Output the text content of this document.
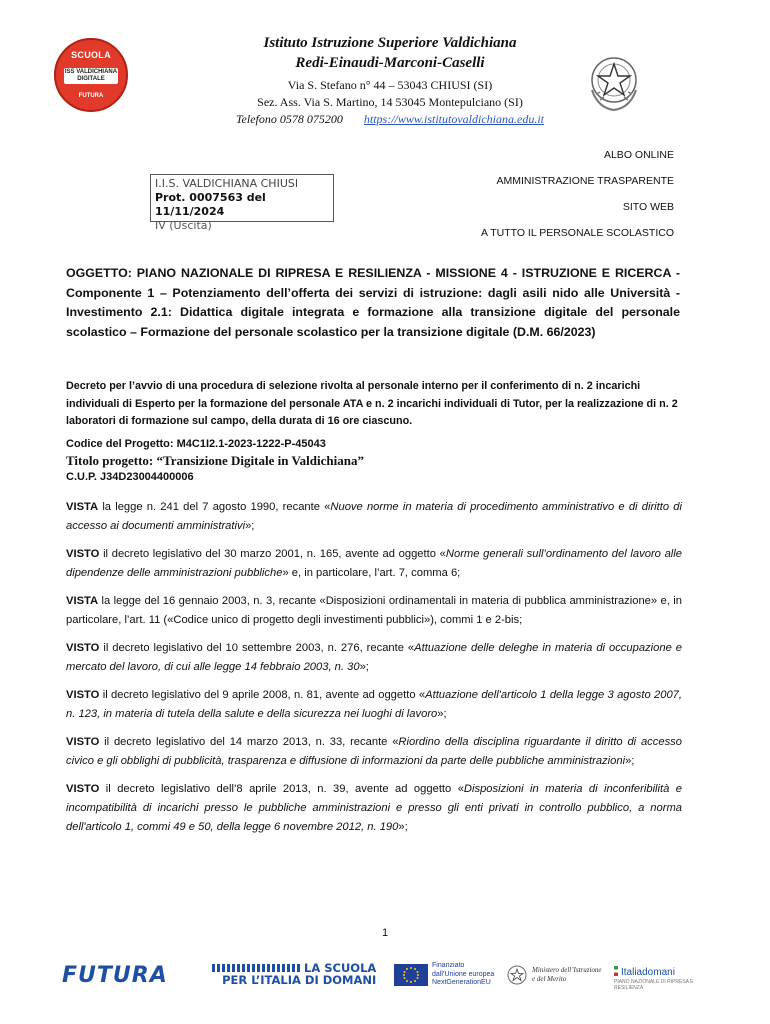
SCUOLA
ISS VALDICHIANA
DIGITALE
FUTURA
Istituto Istruzione Superiore Valdichiana
Redi-Einaudi-Marconi-Caselli
Via S. Stefano n° 44 – 53043 CHIUSI (SI)
Sez. Ass. Via S. Martino, 14 53045 Montepulciano (SI)
Telefono 0578 075200 https://www.istitutovaldichiana.edu.it
ALBO ONLINE
AMMINISTRAZIONE TRASPARENTE
SITO WEB
A TUTTO IL PERSONALE SCOLASTICO
I.I.S. VALDICHIANA CHIUSI
Prot. 0007563 del 11/11/2024
IV (Uscita)
OGGETTO: PIANO NAZIONALE DI RIPRESA E RESILIENZA - MISSIONE 4 - ISTRUZIONE E RICERCA - Componente 1 – Potenziamento dell’offerta dei servizi di istruzione: dagli asili nido alle Università - Investimento 2.1: Didattica digitale integrata e formazione alla transizione digitale del personale scolastico – Formazione del personale scolastico per la transizione digitale (D.M. 66/2023)
Decreto per l’avvio di una procedura di selezione rivolta al personale interno per il conferimento di n. 2 incarichi individuali di Esperto per la formazione del personale ATA e n. 2 incarichi individuali di Tutor, per la realizzazione di n. 2 laboratori di formazione sul campo, della durata di 16 ore ciascuno.
Codice del Progetto: M4C1I2.1-2023-1222-P-45043
Titolo progetto: “Transizione Digitale in Valdichiana”
C.U.P. J34D23004400006

VISTA la legge n. 241 del 7 agosto 1990, recante «Nuove norme in materia di procedimento amministrativo e di diritto di accesso ai documenti amministrativi»;

VISTO il decreto legislativo del 30 marzo 2001, n. 165, avente ad oggetto «Norme generali sull’ordinamento del lavoro alle dipendenze delle amministrazioni pubbliche» e, in particolare, l’art. 7, comma 6;

VISTA la legge del 16 gennaio 2003, n. 3, recante «Disposizioni ordinamentali in materia di pubblica amministrazione» e, in particolare, l’art. 11 («Codice unico di progetto degli investimenti pubblici»), commi 1 e 2-bis;

VISTO il decreto legislativo del 10 settembre 2003, n. 276, recante «Attuazione delle deleghe in materia di occupazione e mercato del lavoro, di cui alle legge 14 febbraio 2003, n. 30»;

VISTO il decreto legislativo del 9 aprile 2008, n. 81, avente ad oggetto «Attuazione dell'articolo 1 della legge 3 agosto 2007, n. 123, in materia di tutela della salute e della sicurezza nei luoghi di lavoro»;

VISTO il decreto legislativo del 14 marzo 2013, n. 33, recante «Riordino della disciplina riguardante il diritto di accesso civico e gli obblighi di pubblicità, trasparenza e diffusione di informazioni da parte delle pubbliche amministrazioni»;

VISTO il decreto legislativo dell’8 aprile 2013, n. 39, avente ad oggetto «Disposizioni in materia di inconferibilità e incompatibilità di incarichi presso le pubbliche amministrazioni e presso gli enti privati in controllo pubblico, a norma dell'articolo 1, commi 49 e 50, della legge 6 novembre 2012, n. 190»;

1
FUTURA	LA SCUOLA
PER L’ITALIA DI DOMANI
Finanziato
dall’Unione europea
NextGenerationEU
Ministero dell’Istruzione
e del Merito
Italiadomani
PIANO NAZIONALE DI RIPRESA E RESILIENZA
